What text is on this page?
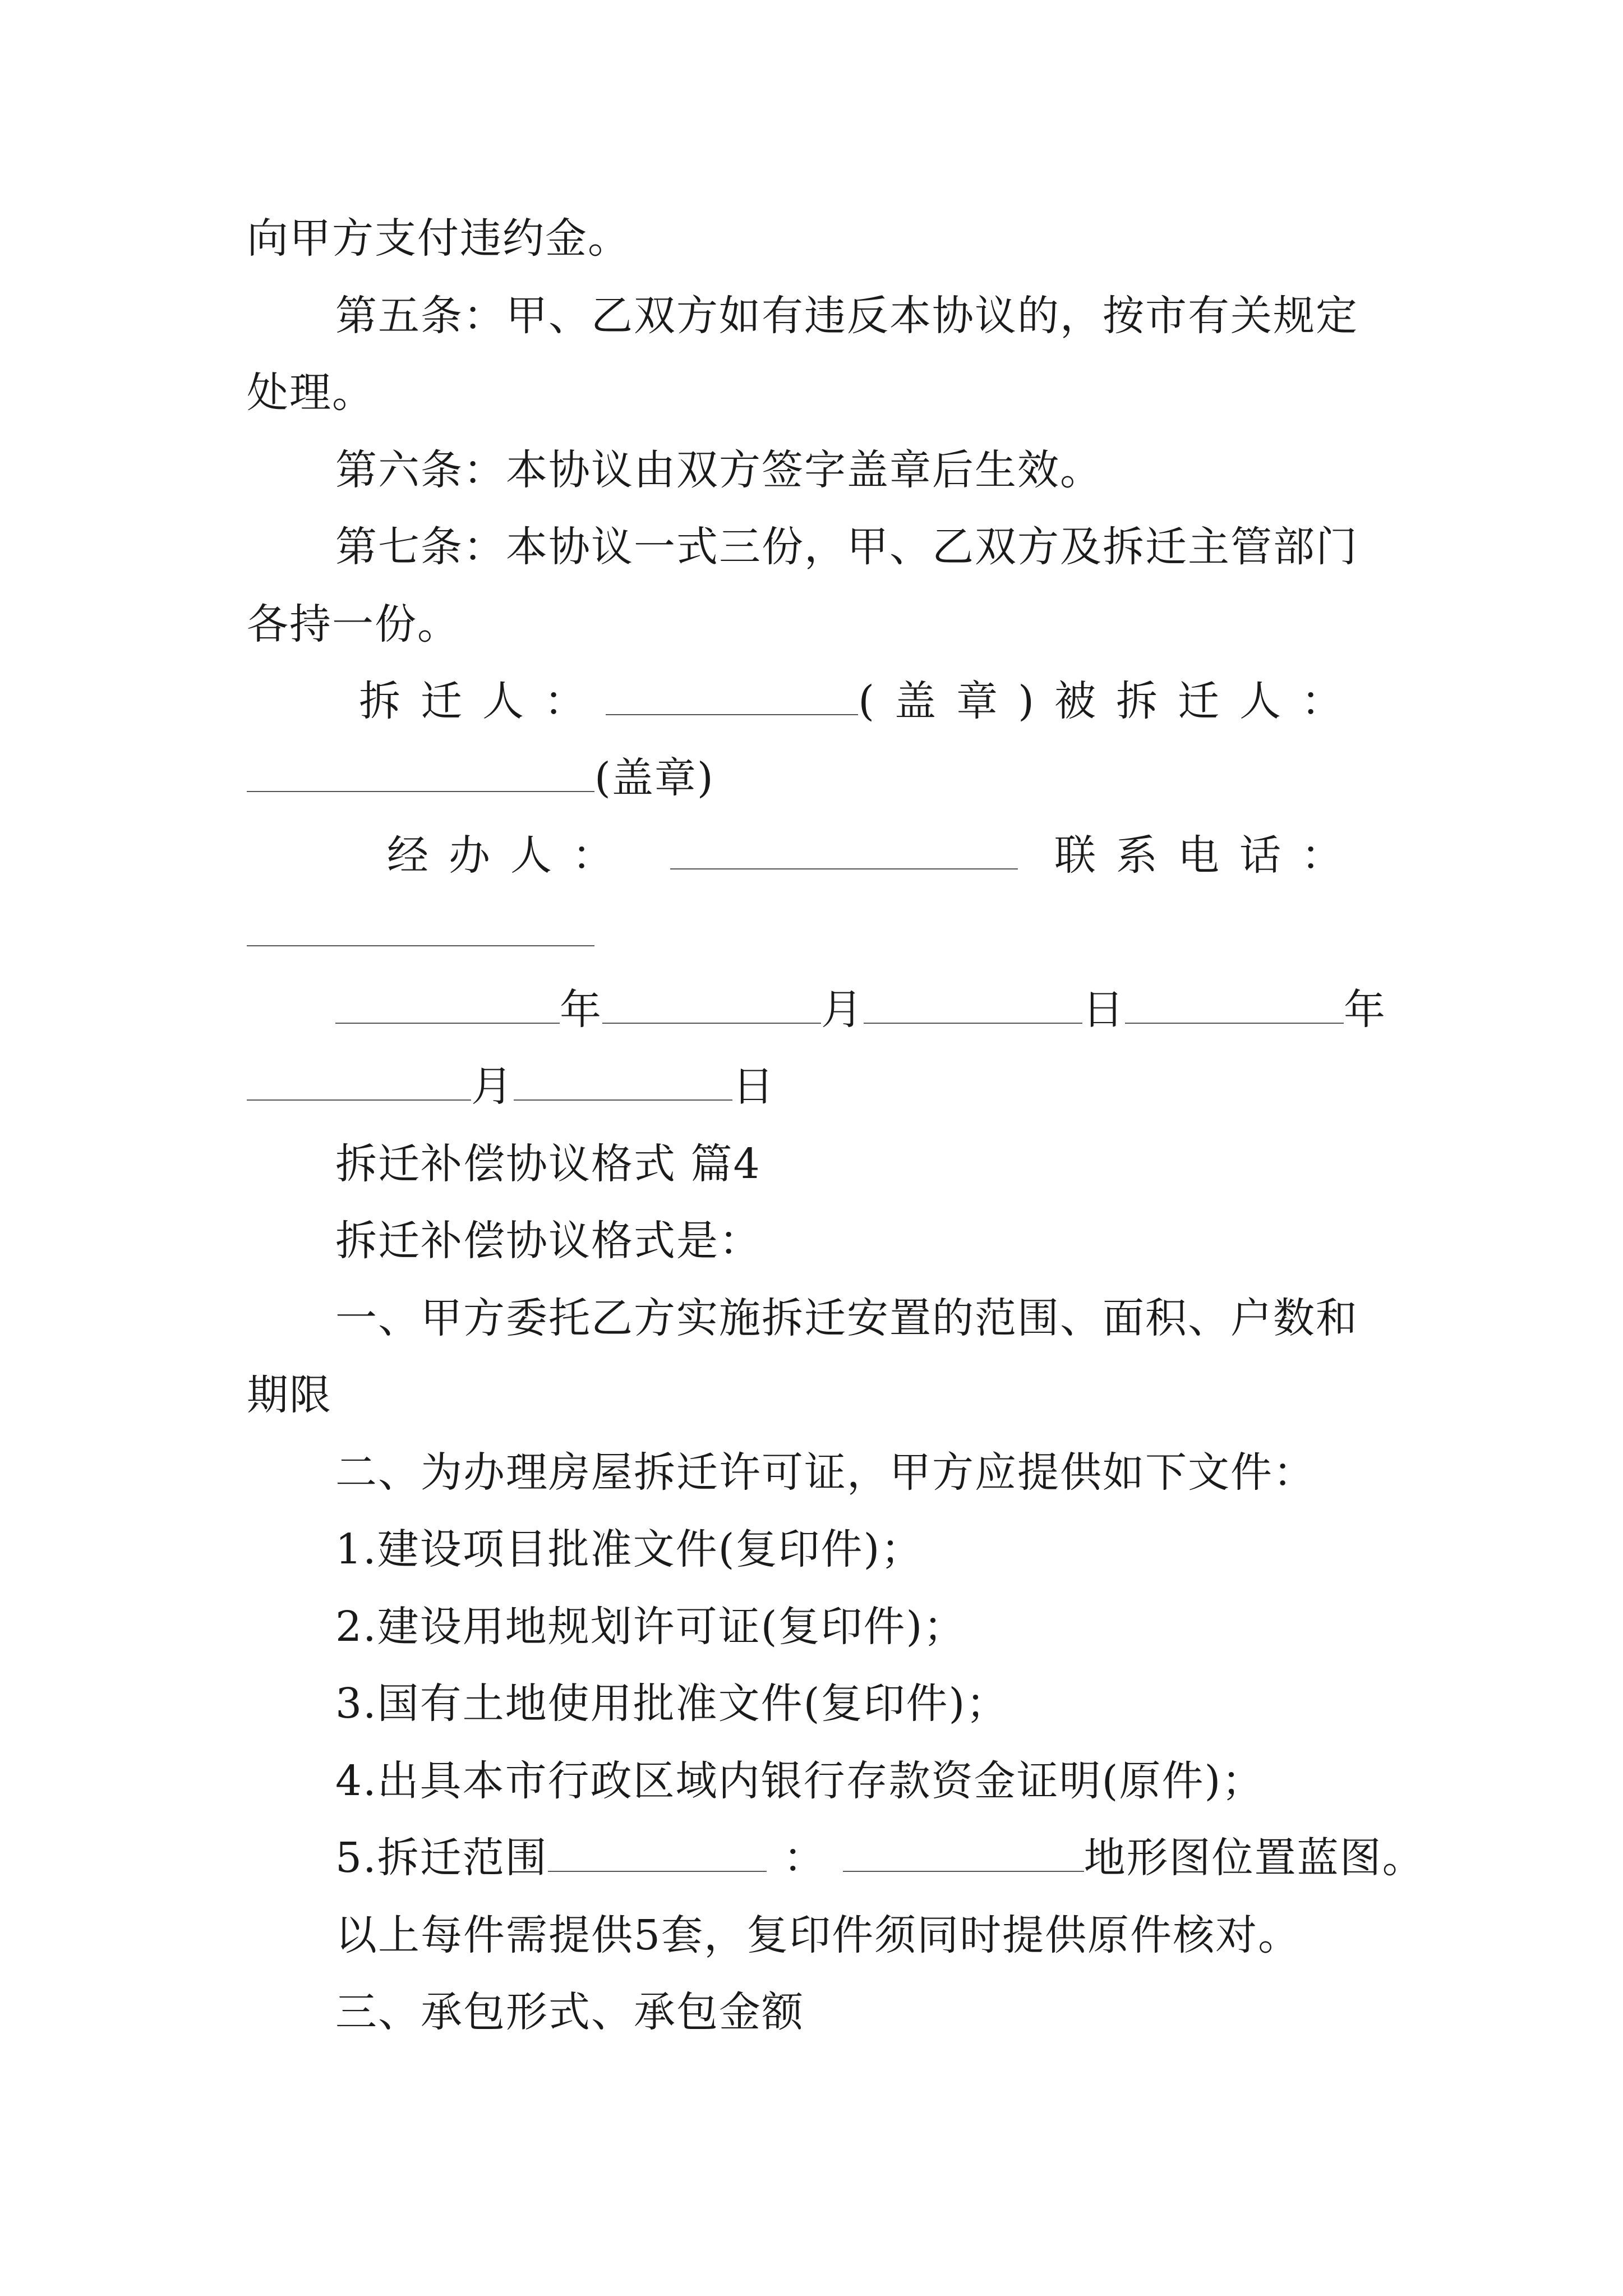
向甲方支付违约金。
第五条：甲、乙双方如有违反本协议的，按市有关规定
处理。
第六条：本协议由双方签字盖章后生效。
第七条：本协议一式三份，甲、乙双方及拆迁主管部门
各持一份。
拆迁人：	(盖章) 被拆迁人：
(盖章)
经办人：	联系电话：
年	月	日	年
月	日
拆迁补偿协议格式 篇4
拆迁补偿协议格式是：
一、甲方委托乙方实施拆迁安置的范围、面积、户数和
期限
二、为办理房屋拆迁许可证，甲方应提供如下文件：
1.建设项目批准文件(复印件)；
2.建设用地规划许可证(复印件)；
3.国有土地使用批准文件(复印件)；
4.出具本市行政区域内银行存款资金证明(原件)；
5.拆迁范围	：	地形图位置蓝图。
以上每件需提供5套，复印件须同时提供原件核对。
三、承包形式、承包金额
